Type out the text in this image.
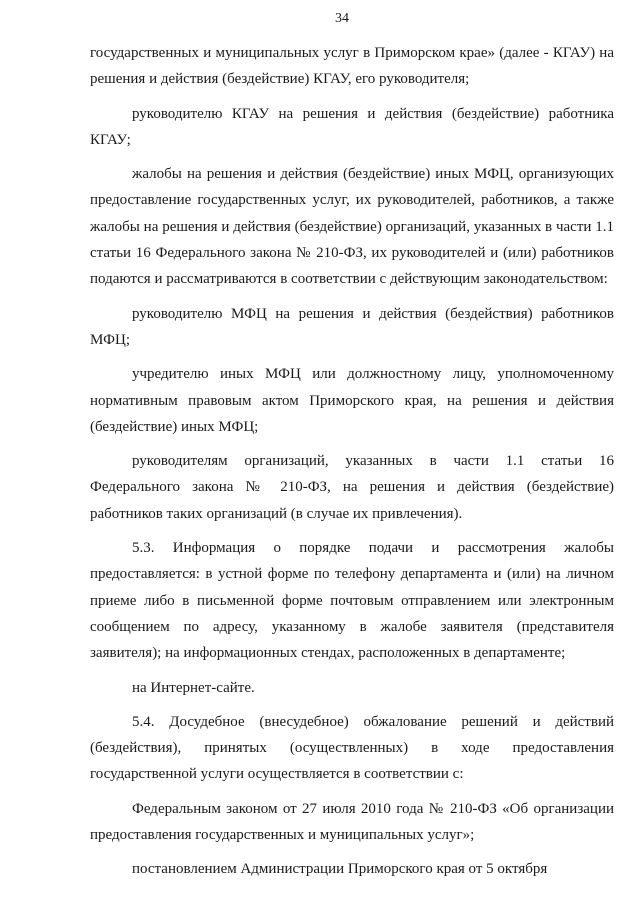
34

государственных и муниципальных услуг в Приморском крае» (далее - КГАУ) на решения и действия (бездействие) КГАУ, его руководителя;

руководителю КГАУ на решения и действия (бездействие) работника КГАУ;

жалобы на решения и действия (бездействие) иных МФЦ, организующих предоставление государственных услуг, их руководителей, работников, а также жалобы на решения и действия (бездействие) организаций, указанных в части 1.1 статьи 16 Федерального закона № 210-ФЗ, их руководителей и (или) работников подаются и рассматриваются в соответствии с действующим законодательством:

руководителю МФЦ на решения и действия (бездействия) работников МФЦ;

учредителю иных МФЦ или должностному лицу, уполномоченному нормативным правовым актом Приморского края, на решения и действия (бездействие) иных МФЦ;

руководителям организаций, указанных в части 1.1 статьи 16 Федерального закона № 210-ФЗ, на решения и действия (бездействие) работников таких организаций (в случае их привлечения).

5.3. Информация о порядке подачи и рассмотрения жалобы предоставляется: в устной форме по телефону департамента и (или) на личном приеме либо в письменной форме почтовым отправлением или электронным сообщением по адресу, указанному в жалобе заявителя (представителя заявителя); на информационных стендах, расположенных в департаменте;

на Интернет-сайте.

5.4. Досудебное (внесудебное) обжалование решений и действий (бездействия), принятых (осуществленных) в ходе предоставления государственной услуги осуществляется в соответствии с:

Федеральным законом от 27 июля 2010 года № 210-ФЗ «Об организации предоставления государственных и муниципальных услуг»;

постановлением Администрации Приморского края от 5 октября
